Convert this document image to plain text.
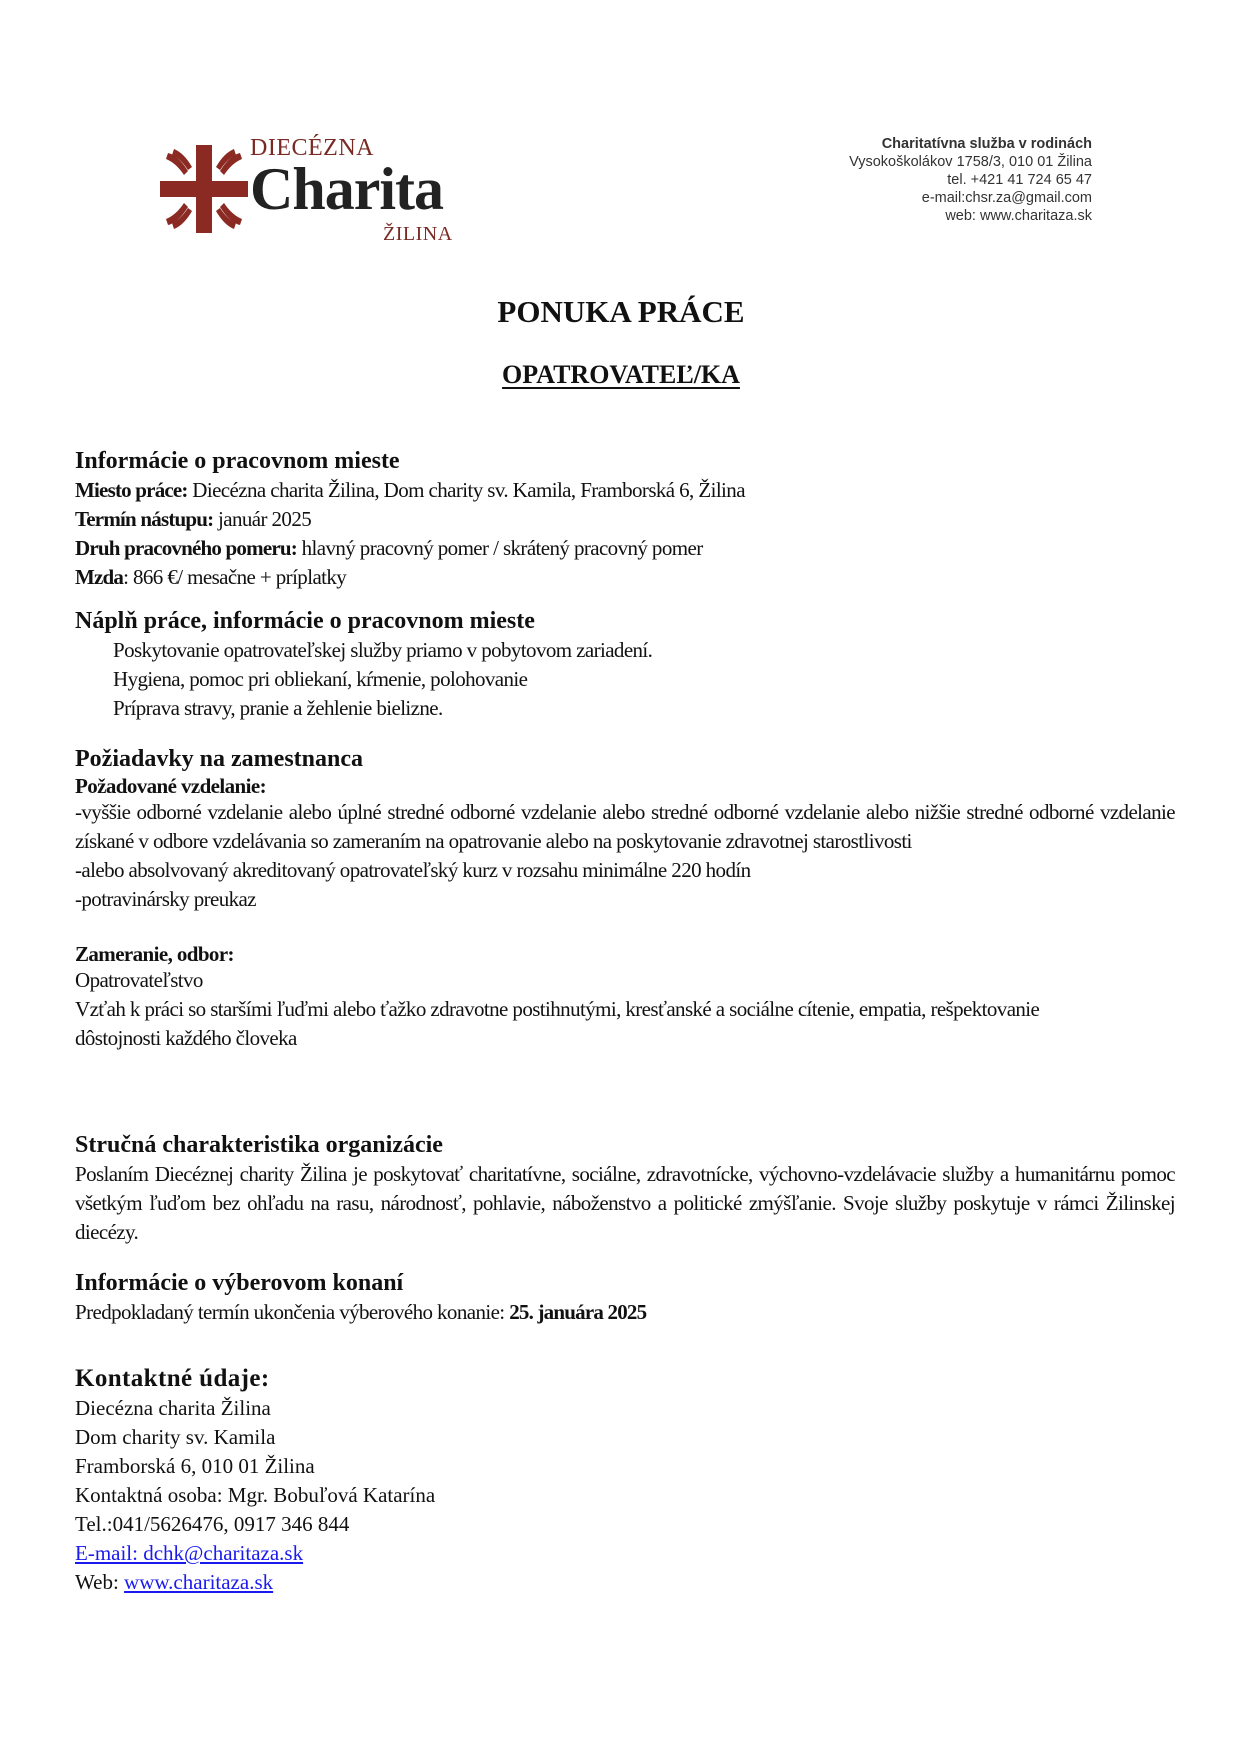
DIECÉZNA
Charita
ŽILINA
Charitatívna služba v rodinách
Vysokoškolákov 1758/3, 010 01 Žilina
tel. +421 41 724 65 47
e-mail:chsr.za@gmail.com
web: www.charitaza.sk
PONUKA PRÁCE
OPATROVATEĽ/KA
Informácie o pracovnom mieste
Miesto práce: Diecézna charita Žilina, Dom charity sv. Kamila, Framborská 6, Žilina
Termín nástupu: január 2025
Druh pracovného pomeru: hlavný pracovný pomer / skrátený pracovný pomer
Mzda: 866 €/ mesačne + príplatky
Náplň práce, informácie o pracovnom mieste
Poskytovanie opatrovateľskej služby priamo v pobytovom zariadení.
Hygiena, pomoc pri obliekaní, kŕmenie, polohovanie
Príprava stravy, pranie a žehlenie bielizne.
Požiadavky na zamestnanca
Požadované vzdelanie:
-vyššie odborné vzdelanie alebo úplné stredné odborné vzdelanie alebo stredné odborné vzdelanie alebo nižšie stredné odborné vzdelanie získané v odbore vzdelávania so zameraním na opatrovanie alebo na poskytovanie zdravotnej starostlivosti
-alebo absolvovaný akreditovaný opatrovateľský kurz v rozsahu minimálne 220 hodín
-potravinársky preukaz
Zameranie, odbor:
Opatrovateľstvo
Vzťah k práci so staršími ľuďmi alebo ťažko zdravotne postihnutými, kresťanské a sociálne cítenie, empatia, rešpektovanie dôstojnosti každého človeka
Stručná charakteristika organizácie
Poslaním Diecéznej charity Žilina je poskytovať charitatívne, sociálne, zdravotnícke, výchovno-vzdelávacie služby a humanitárnu pomoc všetkým ľuďom bez ohľadu na rasu, národnosť, pohlavie, náboženstvo a politické zmýšľanie. Svoje služby poskytuje v rámci Žilinskej diecézy.
Informácie o výberovom konaní
Predpokladaný termín ukončenia výberového konanie: 25. januára 2025
Kontaktné údaje:
Diecézna charita Žilina
Dom charity sv. Kamila
Framborská 6, 010 01 Žilina
Kontaktná osoba: Mgr. Bobuľová Katarína
Tel.:041/5626476, 0917 346 844
E-mail: dchk@charitaza.sk
Web: www.charitaza.sk
